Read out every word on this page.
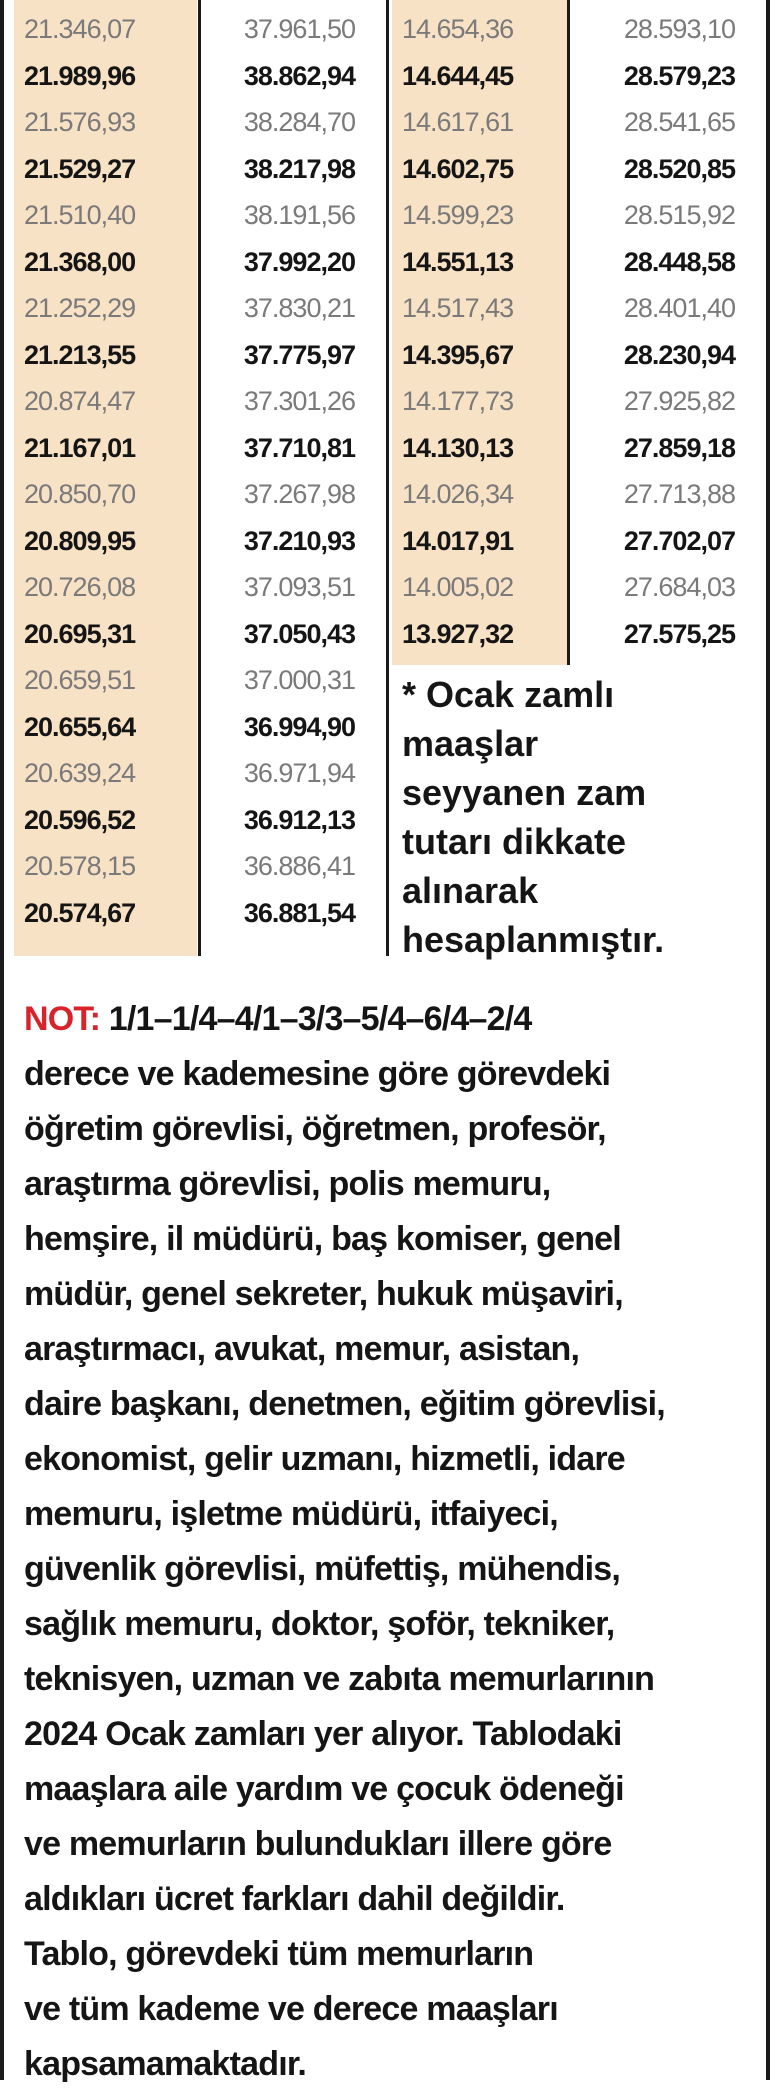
21.346,07	37.961,50 14.654,36	28.593,10
21.989,96	38.862,94 14.644,45	28.579,23
21.576,93	38.284,70 14.617,61	28.541,65
21.529,27	38.217,98 14.602,75	28.520,85
21.510,40	38.191,56 14.599,23	28.515,92
21.368,00	37.992,20 14.551,13	28.448,58
21.252,29	37.830,21 14.517,43	28.401,40
21.213,55	37.775,97 14.395,67	28.230,94
20.874,47	37.301,26 14.177,73	27.925,82
21.167,01	37.710,81 14.130,13	27.859,18
20.850,70	37.267,98 14.026,34	27.713,88
20.809,95	37.210,93 14.017,91	27.702,07
20.726,08	37.093,51 14.005,02	27.684,03
20.695,31	37.050,43 13.927,32	27.575,25
20.659,51	37.000,31
20.655,64	36.994,90
20.639,24	36.971,94
20.596,52	36.912,13
20.578,15	36.886,41
20.574,67	36.881,54
* Ocak zamlı
maaşlar
seyyanen zam
tutarı dikkate
alınarak
hesaplanmıştır.
NOT: 1/1–1/4–4/1–3/3–5/4–6/4–2/4
derece ve kademesine göre görevdeki
öğretim görevlisi, öğretmen, profesör,
araştırma görevlisi, polis memuru,
hemşire, il müdürü, baş komiser, genel
müdür, genel sekreter, hukuk müşaviri,
araştırmacı, avukat, memur, asistan,
daire başkanı, denetmen, eğitim görevlisi,
ekonomist, gelir uzmanı, hizmetli, idare
memuru, işletme müdürü, itfaiyeci,
güvenlik görevlisi, müfettiş, mühendis,
sağlık memuru, doktor, şoför, tekniker,
teknisyen, uzman ve zabıta memurlarının
2024 Ocak zamları yer alıyor. Tablodaki
maaşlara aile yardım ve çocuk ödeneği
ve memurların bulundukları illere göre
aldıkları ücret farkları dahil değildir.
Tablo, görevdeki tüm memurların
ve tüm kademe ve derece maaşları
kapsamamaktadır.
